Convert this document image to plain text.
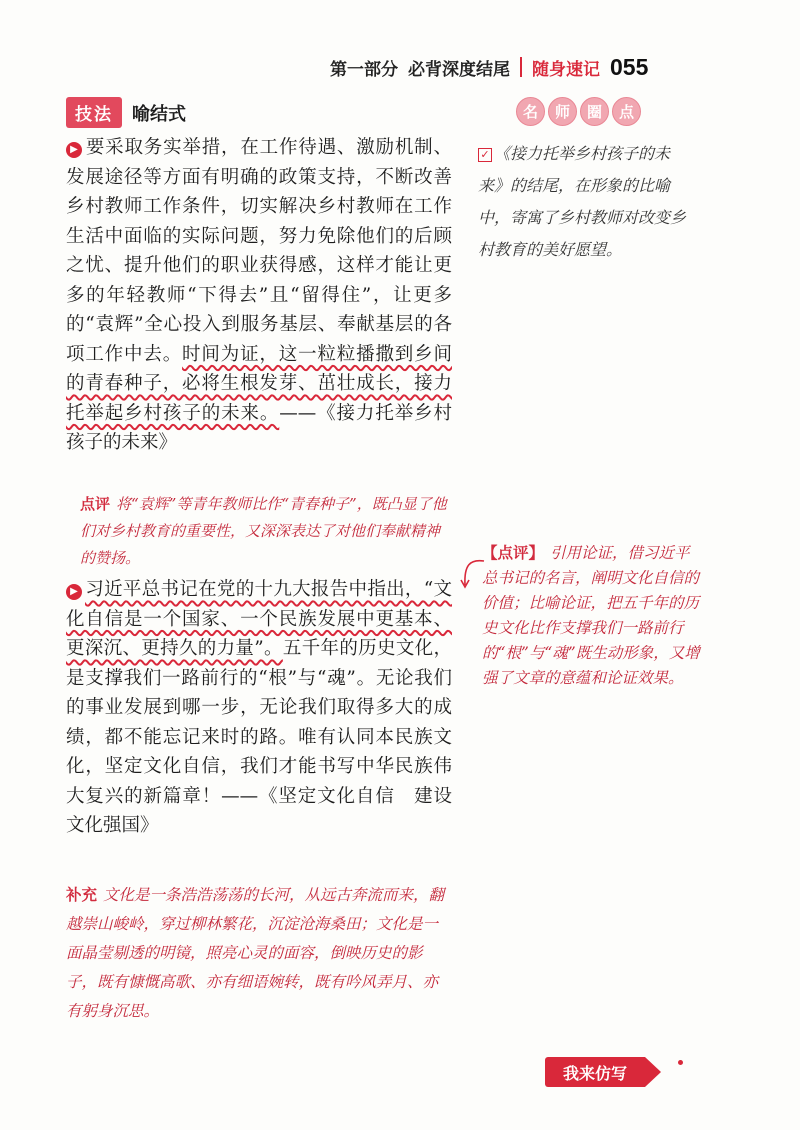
第一部分 必背深度结尾 随身速记 055
技法	喻结式	名	师	圈	点
▶ 要采取务实举措，在工作待遇、激励机制、发展途径等方面有明确的政策支持，不断改善乡村教师工作条件，切实解决乡村教师在工作生活中面临的实际问题，努力免除他们的后顾之忧、提升他们的职业获得感，这样才能让更多的年轻教师“下得去”且“留得住”，让更多的“袁辉”全心投入到服务基层、奉献基层的各项工作中去。时间为证，这一粒粒播撒到乡间的青春种子，必将生根发芽、茁壮成长，接力托举起乡村孩子的未来。——《接力托举乡村孩子的未来》
点评 将“袁辉”等青年教师比作“青春种子”，既凸显了他们对乡村教育的重要性，又深深表达了对他们奉献精神的赞扬。
▶ 习近平总书记在党的十九大报告中指出，“文化自信是一个国家、一个民族发展中更基本、更深沉、更持久的力量”。五千年的历史文化，是支撑我们一路前行的“根”与“魂”。无论我们的事业发展到哪一步，无论我们取得多大的成绩，都不能忘记来时的路。唯有认同本民族文化，坚定文化自信，我们才能书写中华民族伟大复兴的新篇章！——《坚定文化自信　建设文化强国》
补充 文化是一条浩浩荡荡的长河，从远古奔流而来，翻越崇山峻岭，穿过柳林繁花，沉淀沧海桑田；文化是一面晶莹剔透的明镜，照亮心灵的面容，倒映历史的影子，既有慷慨高歌、亦有细语婉转，既有吟风弄月、亦有躬身沉思。
✓ 《接力托举乡村孩子的未来》的结尾，在形象的比喻中，寄寓了乡村教师对改变乡村教育的美好愿望。
【点评】 引用论证，借习近平总书记的名言，阐明文化自信的价值；比喻论证，把五千年的历史文化比作支撑我们一路前行的“根”与“魂”既生动形象，又增强了文章的意蕴和论证效果。
我来仿写
